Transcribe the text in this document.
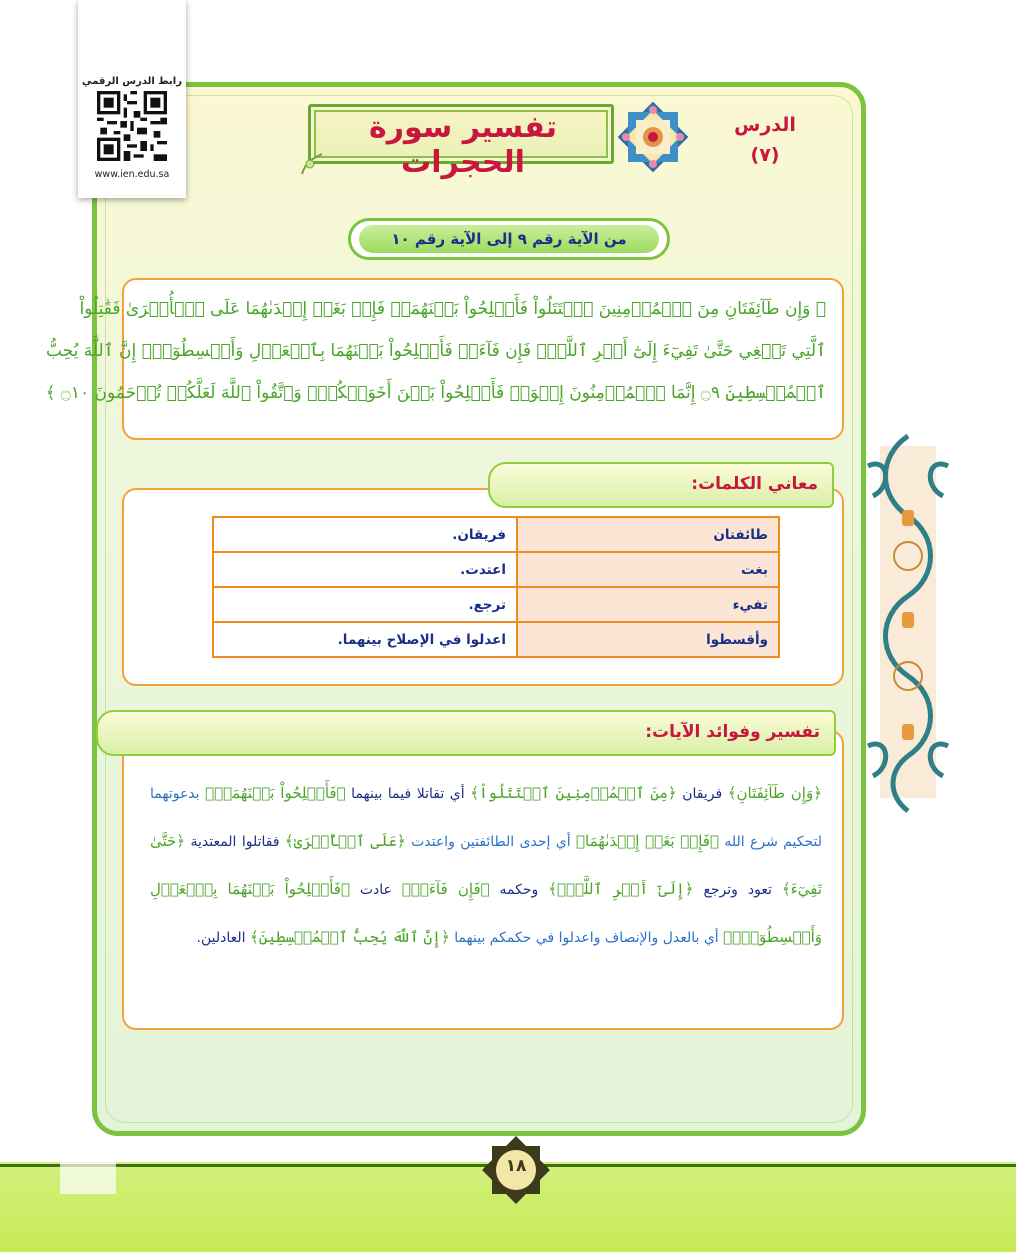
رابط الدرس الرقمي
www.ien.edu.sa
الدرس
(٧)
تفسير سورة الحجرات
من الآية رقم ٩ إلى الآية رقم ١٠
﴿ وَإِن طَآئِفَتَانِ مِنَ ٱلۡمُؤۡمِنِينَ ٱقۡتَتَلُواْ فَأَصۡلِحُواْ بَيۡنَهُمَاۖ فَإِنۢ بَغَتۡ إِحۡدَىٰهُمَا عَلَى ٱلۡأُخۡرَىٰ فَقَٰتِلُواْ
ٱلَّتِي تَبۡغِي حَتَّىٰ تَفِيٓءَ إِلَىٰٓ أَمۡرِ ٱللَّهِۚ فَإِن فَآءَتۡ فَأَصۡلِحُواْ بَيۡنَهُمَا بِٱلۡعَدۡلِ وَأَقۡسِطُوٓاْۖ إِنَّ ٱللَّهَ يُحِبُّ
ٱلۡمُقۡسِطِينَ ۝٩ إِنَّمَا ٱلۡمُؤۡمِنُونَ إِخۡوَةٞ فَأَصۡلِحُواْ بَيۡنَ أَخَوَيۡكُمۡۚ وَٱتَّقُواْ ٱللَّهَ لَعَلَّكُمۡ تُرۡحَمُونَ ۝١٠ ﴾
معاني الكلمات:
طائفتان	فريقان.
بغت	اعتدت.
تفيء	ترجع.
وأقسطوا	اعدلوا في الإصلاح بينهما.
تفسير وفوائد الآيات:
﴿وَإِن طَآئِفَتَانِ﴾ فريقان ﴿مِنَ ٱلۡمُؤۡمِنِينَ ٱقۡتَتَلُواْ﴾ أي تقاتلا فيما بينهما ﴿فَأَصۡلِحُواْ بَيۡنَهُمَاۖ﴾ بدعوتهما لتحكيم شرع الله ﴿فَإِنۢ بَغَتۡ إِحۡدَىٰهُمَا﴾ أي إحدى الطائفتين واعتدت ﴿عَلَى ٱلۡأُخۡرَىٰ﴾ فقاتلوا المعتدية ﴿حَتَّىٰ تَفِيٓءَ﴾ تعود وترجع ﴿إِلَىٰٓ أَمۡرِ ٱللَّهِۚ﴾ وحكمه ﴿فَإِن فَآءَتۡ﴾ عادت ﴿فَأَصۡلِحُواْ بَيۡنَهُمَا بِٱلۡعَدۡلِ وَأَقۡسِطُوٓاْۖ﴾ أي بالعدل والإنصاف واعدلوا في حكمكم بينهما ﴿إِنَّ ٱللَّهَ يُحِبُّ ٱلۡمُقۡسِطِينَ﴾ العادلين.
١٨
